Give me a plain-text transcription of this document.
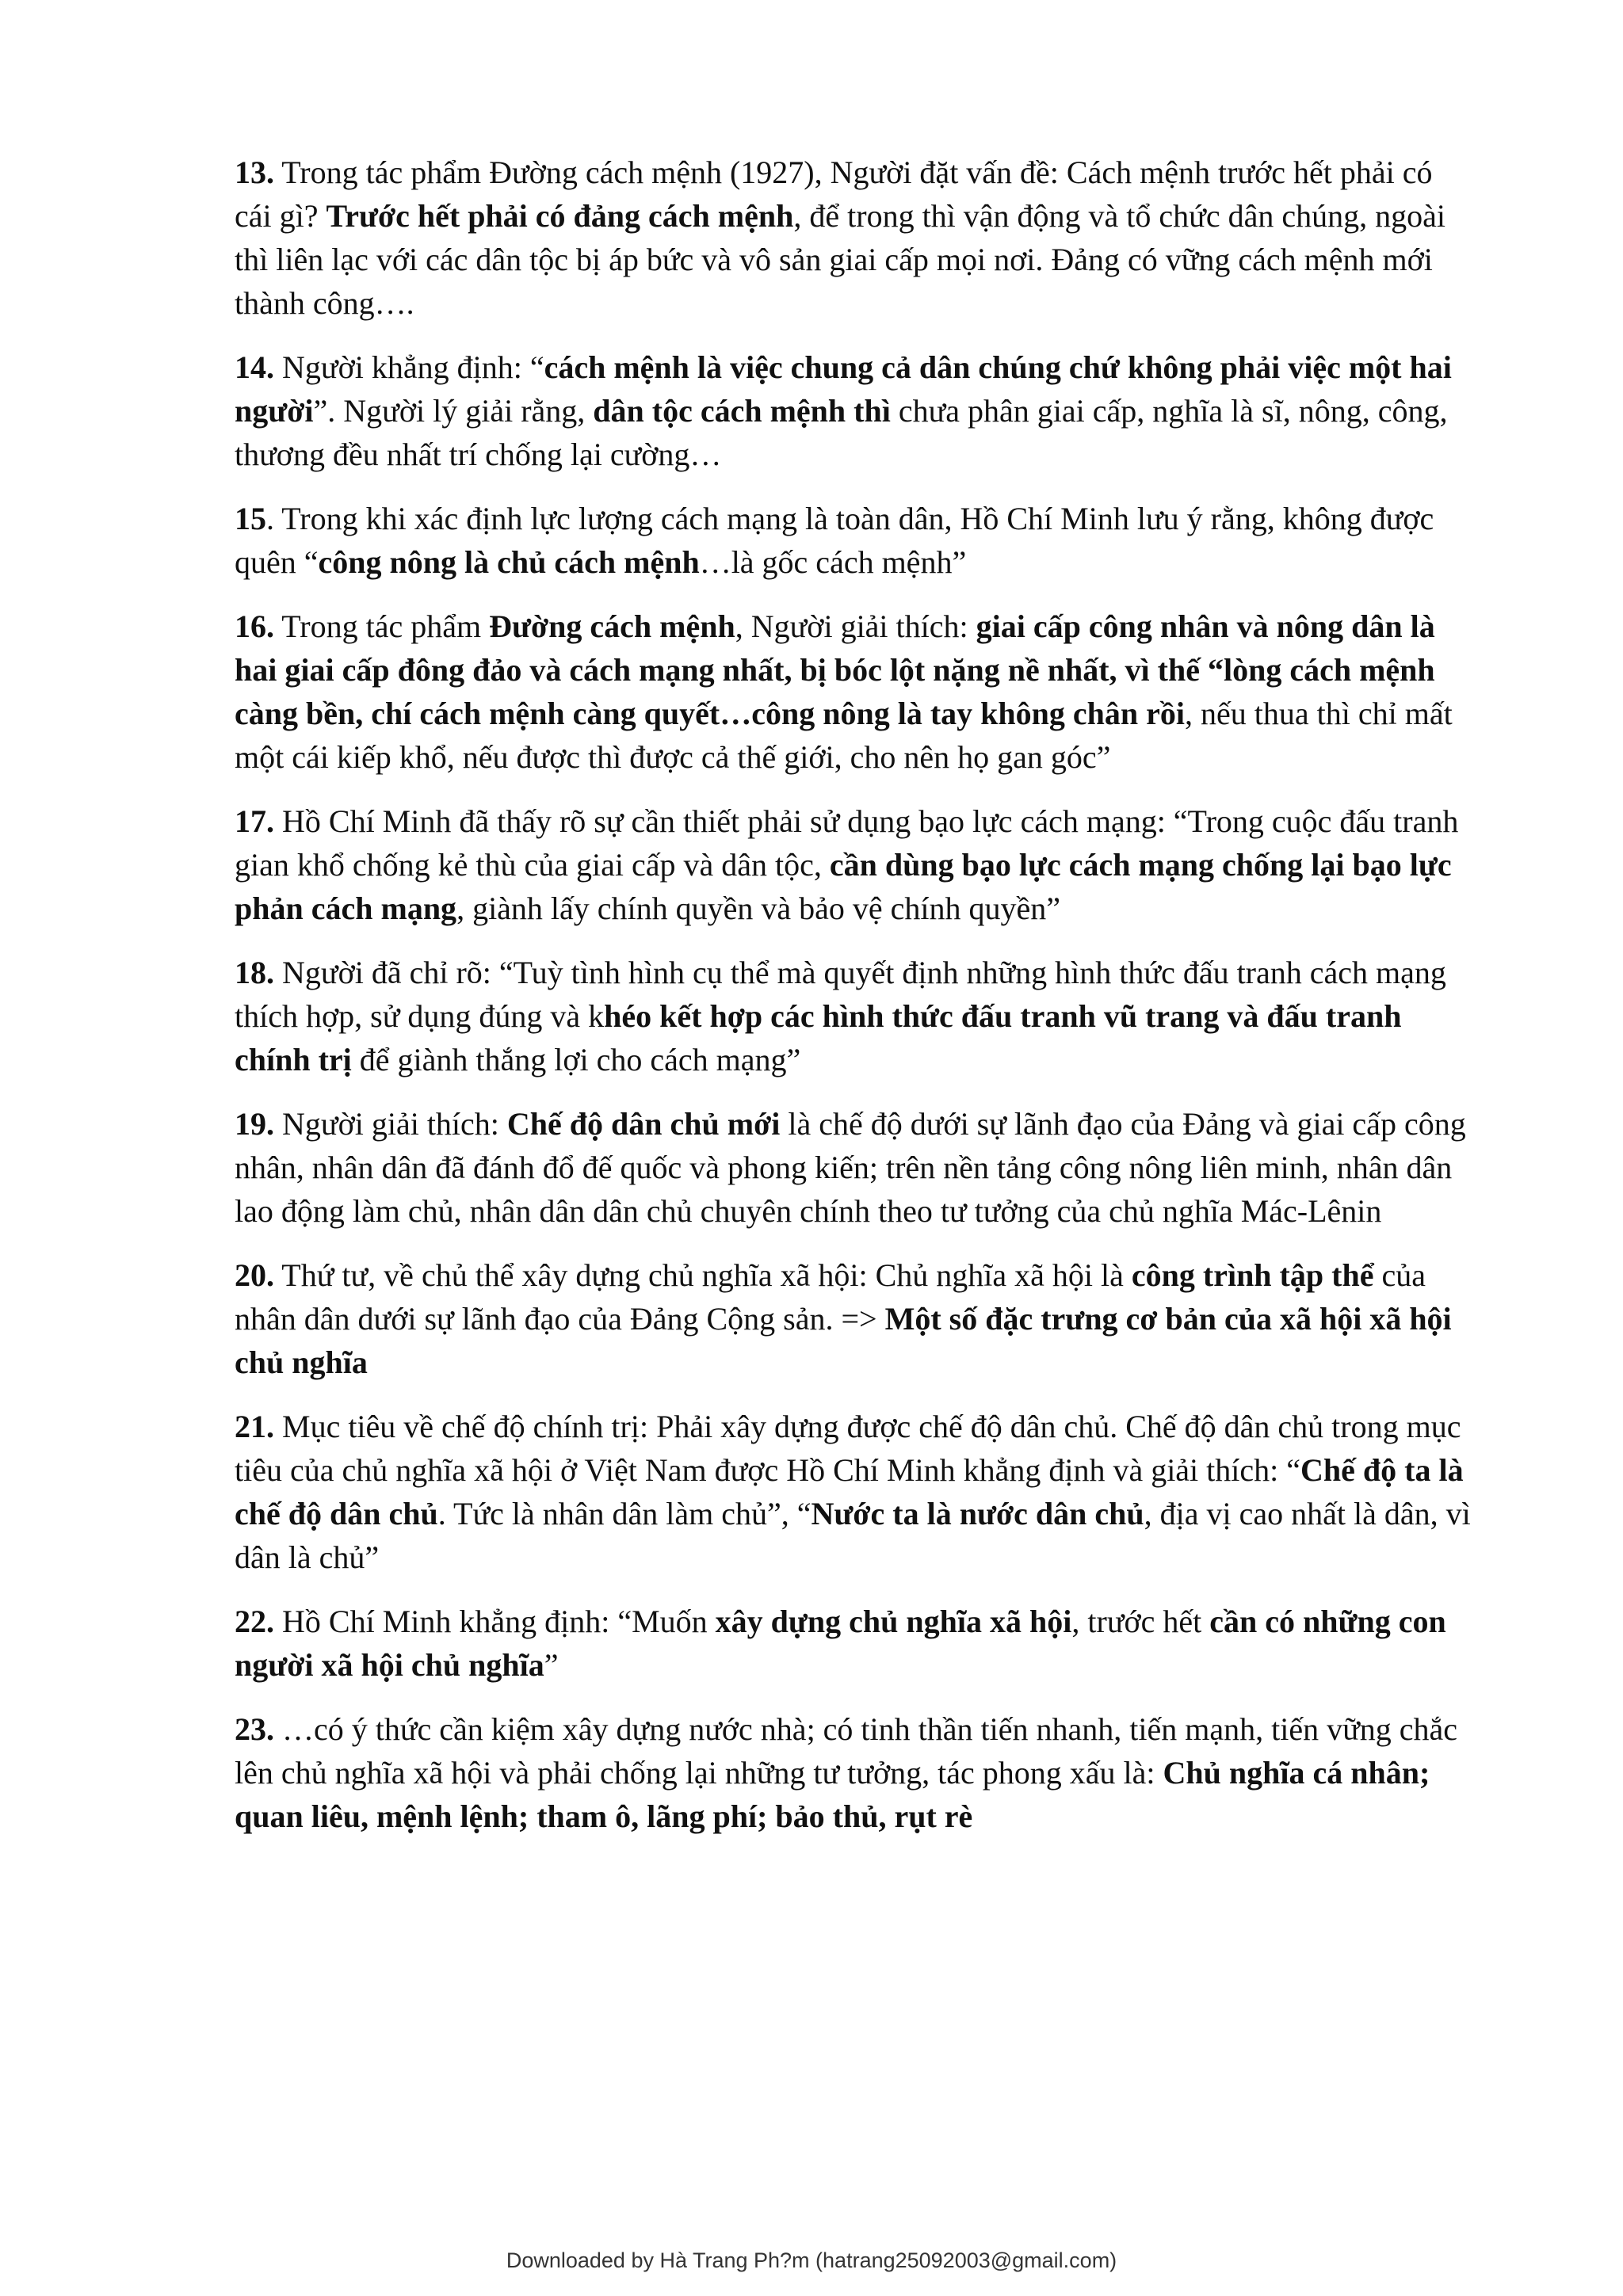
13. Trong tác phẩm Đường cách mệnh (1927), Người đặt vấn đề: Cách mệnh trước hết phải có cái gì? Trước hết phải có đảng cách mệnh, để trong thì vận động và tổ chức dân chúng, ngoài thì liên lạc với các dân tộc bị áp bức và vô sản giai cấp mọi nơi. Đảng có vững cách mệnh mới thành công….

14. Người khẳng định: “cách mệnh là việc chung cả dân chúng chứ không phải việc một hai người”. Người lý giải rằng, dân tộc cách mệnh thì chưa phân giai cấp, nghĩa là sĩ, nông, công, thương đều nhất trí chống lại cường…

15. Trong khi xác định lực lượng cách mạng là toàn dân, Hồ Chí Minh lưu ý rằng, không được quên “công nông là chủ cách mệnh…là gốc cách mệnh”

16. Trong tác phẩm Đường cách mệnh, Người giải thích: giai cấp công nhân và nông dân là hai giai cấp đông đảo và cách mạng nhất, bị bóc lột nặng nề nhất, vì thế “lòng cách mệnh càng bền, chí cách mệnh càng quyết…công nông là tay không chân rồi, nếu thua thì chỉ mất một cái kiếp khổ, nếu được thì được cả thế giới, cho nên họ gan góc”

17. Hồ Chí Minh đã thấy rõ sự cần thiết phải sử dụng bạo lực cách mạng: “Trong cuộc đấu tranh gian khổ chống kẻ thù của giai cấp và dân tộc, cần dùng bạo lực cách mạng chống lại bạo lực phản cách mạng, giành lấy chính quyền và bảo vệ chính quyền”

18. Người đã chỉ rõ: “Tuỳ tình hình cụ thể mà quyết định những hình thức đấu tranh cách mạng thích hợp, sử dụng đúng và khéo kết hợp các hình thức đấu tranh vũ trang và đấu tranh chính trị để giành thắng lợi cho cách mạng”

19. Người giải thích: Chế độ dân chủ mới là chế độ dưới sự lãnh đạo của Đảng và giai cấp công nhân, nhân dân đã đánh đổ đế quốc và phong kiến; trên nền tảng công nông liên minh, nhân dân lao động làm chủ, nhân dân dân chủ chuyên chính theo tư tưởng của chủ nghĩa Mác-Lênin

20. Thứ tư, về chủ thể xây dựng chủ nghĩa xã hội: Chủ nghĩa xã hội là công trình tập thể của nhân dân dưới sự lãnh đạo của Đảng Cộng sản. => Một số đặc trưng cơ bản của xã hội xã hội chủ nghĩa

21. Mục tiêu về chế độ chính trị: Phải xây dựng được chế độ dân chủ. Chế độ dân chủ trong mục tiêu của chủ nghĩa xã hội ở Việt Nam được Hồ Chí Minh khẳng định và giải thích: “Chế độ ta là chế độ dân chủ. Tức là nhân dân làm chủ”, “Nước ta là nước dân chủ, địa vị cao nhất là dân, vì dân là chủ”

22. Hồ Chí Minh khẳng định: “Muốn xây dựng chủ nghĩa xã hội, trước hết cần có những con người xã hội chủ nghĩa”

23. …có ý thức cần kiệm xây dựng nước nhà; có tinh thần tiến nhanh, tiến mạnh, tiến vững chắc lên chủ nghĩa xã hội và phải chống lại những tư tưởng, tác phong xấu là: Chủ nghĩa cá nhân; quan liêu, mệnh lệnh; tham ô, lãng phí; bảo thủ, rụt rè

Downloaded by Hà Trang Ph?m (hatrang25092003@gmail.com)
